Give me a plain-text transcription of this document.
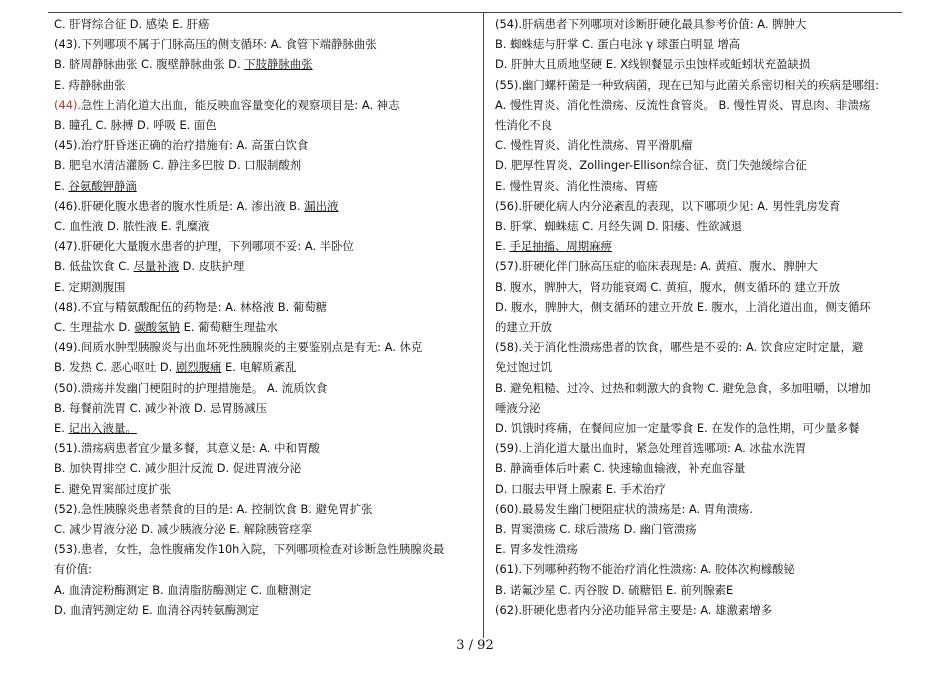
C. 肝肾综合征 D. 感染 E. 肝癌
(43).下列哪项不属于门脉高压的侧支循环: A. 食管下端静脉曲张
B. 脐周静脉曲张 C. 腹壁静脉曲张 D. 下肢静脉曲张
E. 痔静脉曲张
(44).急性上消化道大出血，能反映血容量变化的观察项目是: A. 神志
B. 瞳孔 C. 脉搏 D. 呼吸 E. 面色
(45).治疗肝昏迷正确的治疗措施有: A. 高蛋白饮食
B. 肥皂水清洁灌肠 C. 静注多巴胺 D. 口服制酸剂
E. 谷氨酸钾静滴
(46).肝硬化腹水患者的腹水性质是: A. 渗出液 B. 漏出液
C. 血性液 D. 脓性液 E. 乳糜液
(47).肝硬化大量腹水患者的护理，下列哪项不妥: A. 半卧位
B. 低盐饮食 C. 尽量补液 D. 皮肤护理
E. 定期测腹围
(48).不宜与精氨酸配伍的药物是: A. 林格液 B. 葡萄糖
C. 生理盐水 D. 碳酸氢钠 E. 葡萄糖生理盐水
(49).间质水肿型胰腺炎与出血坏死性胰腺炎的主要鉴别点是有无: A. 休克
B. 发热 C. 恶心呕吐 D. 剧烈腹痛 E. 电解质紊乱
(50).溃疡并发幽门梗阻时的护理措施是。 A. 流质饮食
B. 每餐前洗胃 C. 减少补液 D. 忌胃肠减压
E. 记出入液量。
(51).溃疡病患者宜少量多餐，其意义是: A. 中和胃酸
B. 加快胃排空 C. 减少胆汁反流 D. 促进胃液分泌
E. 避免胃窦部过度扩张
(52).急性胰腺炎患者禁食的目的是: A. 控制饮食 B. 避免胃扩张
C. 减少胃液分泌 D. 减少胰液分泌 E. 解除胰管痉挛
(53).患者，女性，急性腹痛发作10h入院，下列哪项检查对诊断急性胰腺炎最
有价值:
A. 血清淀粉酶测定 B. 血清脂肪酶测定 C. 血糖测定
D. 血清钙测定幼 E. 血清谷丙转氨酶测定
(54).肝病患者下列哪项对诊断肝硬化最具参考价值: A. 脾肿大
B. 蜘蛛痣与肝掌 C. 蛋白电泳 γ 球蛋白明显 增高
D. 肝肿大且质地坚硬 E. X线钡餐显示虫蚀样或蚯蚓状充盈缺损
(55).幽门螺杆菌是一种致病菌，现在已知与此菌关系密切相关的疾病是哪组:
A. 慢性胃炎、消化性溃疡、反流性食管炎。 B. 慢性胃炎、胃息肉、非溃疡
性消化不良
C. 慢性胃炎、消化性溃疡、胃平滑肌瘤
D. 肥厚性胃炎、Zollinger-Ellison综合征、贲门失弛缓综合征
E. 慢性胃炎、消化性溃疡、胃癌
(56).肝硬化病人内分泌紊乱的表现，以下哪项少见: A. 男性乳房发育
B. 肝掌、蜘蛛痣 C. 月经失调 D. 阳痿、性欲减退
E. 手足抽搐、周期麻痹
(57).肝硬化伴门脉高压症的临床表现是: A. 黄疸、腹水、脾肿大
B. 腹水，脾肿大，肾功能衰竭 C. 黄疸，腹水，侧支循环的 建立开放
D. 腹水，脾肿大，侧支循环的建立开放 E. 腹水，上消化道出血，侧支循环
的建立开放
(58).关于消化性溃疡患者的饮食，哪些是不妥的: A. 饮食应定时定量，避
免过饱过饥
B. 避免粗糙、过冷、过热和刺激大的食物 C. 避免急食，多加咀嚼，以增加
唾液分泌
D. 饥饿时疼痛，在餐间应加一定量零食 E. 在发作的急性期，可少量多餐
(59).上消化道大量出血时，紧急处理首选哪项: A. 冰盐水洗胃
B. 静滴垂体后叶素 C. 快速输血输液，补充血容量
D. 口服去甲肾上腺素 E. 手术治疗
(60).最易发生幽门梗阻症状的溃疡是: A. 胃角溃疡.
B. 胃窦溃疡 C. 球后溃疡 D. 幽门管溃疡
E. 胃多发性溃疡
(61).下列哪种药物不能治疗消化性溃疡: A. 胶体次枸橼酸铋
B. 诺氟沙星 C. 丙谷胺 D. 硫糖铝 E. 前列腺素E
(62).肝硬化患者内分泌功能异常主要是: A. 雄激素增多
3 / 92
